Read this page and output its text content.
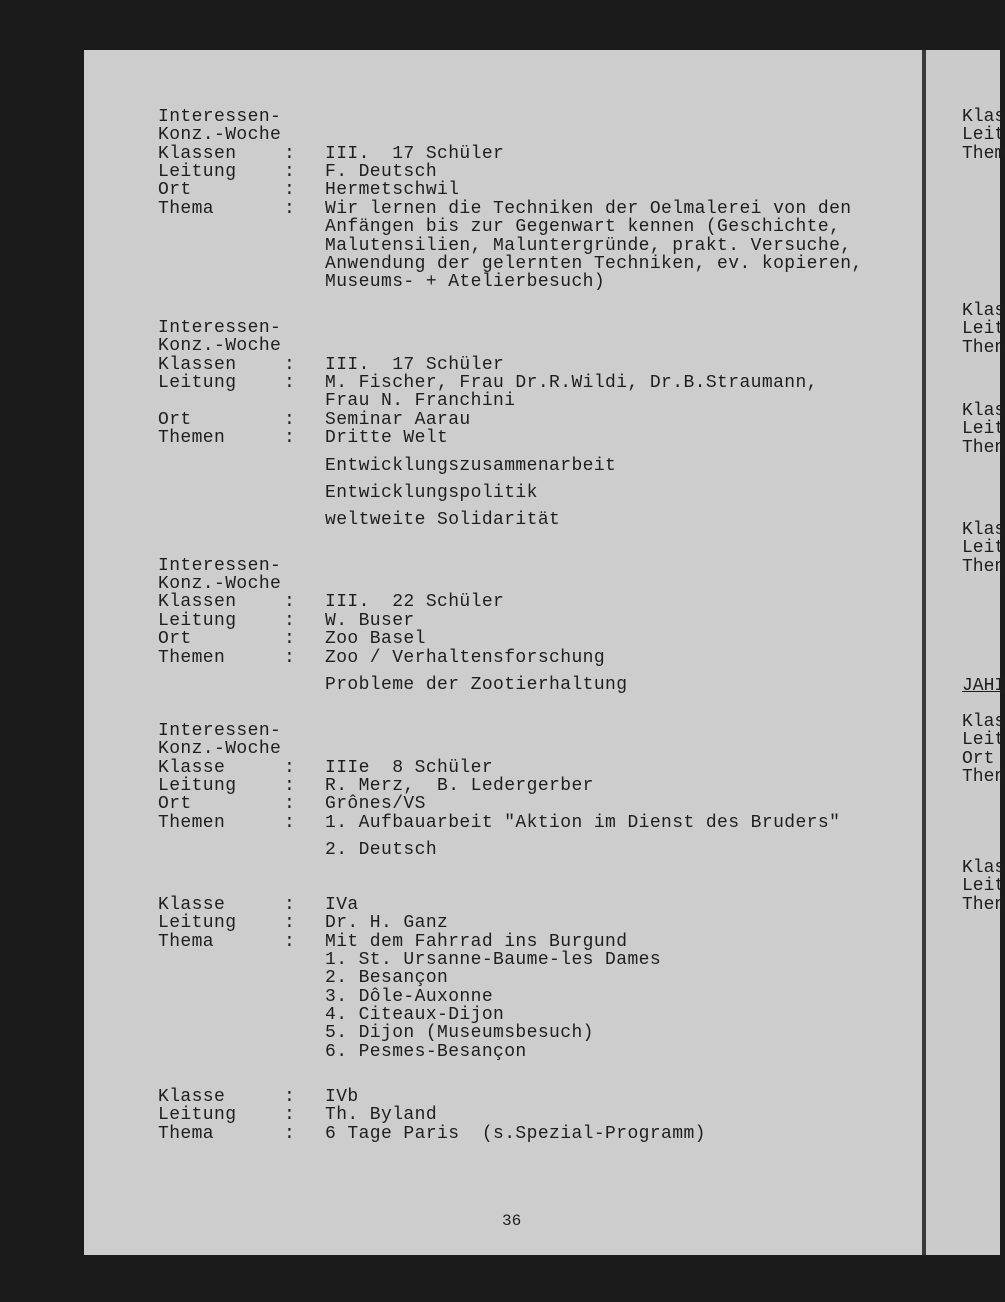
Interessen-
Konz.-Woche
Klassen	: III.  17 Schüler
Leitung	: F. Deutsch
Ort	: Hermetschwil
Thema	: Wir lernen die Techniken der Oelmalerei von den
Anfängen bis zur Gegenwart kennen (Geschichte,
Malutensilien, Maluntergründe, prakt. Versuche,
Anwendung der gelernten Techniken, ev. kopieren,
Museums- + Atelierbesuch)
Interessen-
Konz.-Woche
Klassen	: III.  17 Schüler
Leitung	: M. Fischer, Frau Dr.R.Wildi, Dr.B.Straumann,
Frau N. Franchini
Ort	: Seminar Aarau
Themen	: Dritte Welt
Entwicklungszusammenarbeit
Entwicklungspolitik
weltweite Solidarität
Interessen-
Konz.-Woche
Klassen	: III.  22 Schüler
Leitung	: W. Buser
Ort	: Zoo Basel
Themen	: Zoo / Verhaltensforschung
Probleme der Zootierhaltung
Interessen-
Konz.-Woche
Klasse	: IIIe  8 Schüler
Leitung	: R. Merz,  B. Ledergerber
Ort	: Grônes/VS
Themen	: 1. Aufbauarbeit "Aktion im Dienst des Bruders"
2. Deutsch
Klasse	: IVa
Leitung	: Dr. H. Ganz
Thema	: Mit dem Fahrrad ins Burgund
1. St. Ursanne-Baume-les Dames
2. Besançon
3. Dôle-Auxonne
4. Citeaux-Dijon
5. Dijon (Museumsbesuch)
6. Pesmes-Besançon
Klasse	: IVb
Leitung	: Th. Byland
Thema	: 6 Tage Paris  (s.Spezial-Programm)
36
Klas
Leit
Them
Klas
Leit
Then
Klas
Leit
Then
Klas
Leit
Then
JAHI
Klas
Leit
Ort
Then
Klas
Leit
Then
